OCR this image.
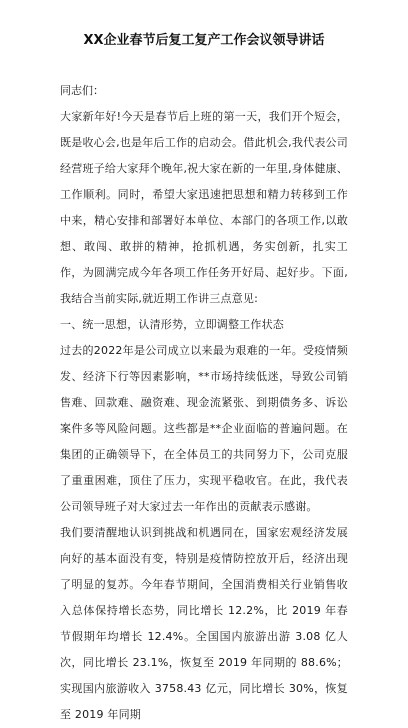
XX企业春节后复工复产工作会议领导讲话
同志们：

大家新年好!今天是春节后上班的第一天，我们开个短会，既是收心会,也是年后工作的启动会。借此机会,我代表公司经营班子给大家拜个晚年,祝大家在新的一年里,身体健康、工作顺利。同时，希望大家迅速把思想和精力转移到工作中来，精心安排和部署好本单位、本部门的各项工作,以敢想、敢闯、敢拼的精神，抢抓机遇，务实创新，扎实工作，为圆满完成今年各项工作任务开好局、起好步。下面,我结合当前实际,就近期工作讲三点意见:

一、统一思想，认清形势，立即调整工作状态

过去的2022年是公司成立以来最为艰难的一年。受疫情频发、经济下行等因素影响，**市场持续低迷，导致公司销售难、回款难、融资难、现金流紧张、到期债务多、诉讼案件多等风险问题。这些都是**企业面临的普遍问题。在集团的正确领导下，在全体员工的共同努力下，公司克服了重重困难，顶住了压力，实现平稳收官。在此，我代表公司领导班子对大家过去一年作出的贡献表示感谢。

我们要清醒地认识到挑战和机遇同在，国家宏观经济发展向好的基本面没有变，特别是疫情防控放开后，经济出现了明显的复苏。今年春节期间，全国消费相关行业销售收入总体保持增长态势，同比增长 12.2%，比 2019 年春节假期年均增长 12.4%。全国国内旅游出游 3.08 亿人次，同比增长 23.1%，恢复至 2019 年同期的 88.6%；实现国内旅游收入 3758.43 亿元，同比增长 30%，恢复至 2019 年同期
